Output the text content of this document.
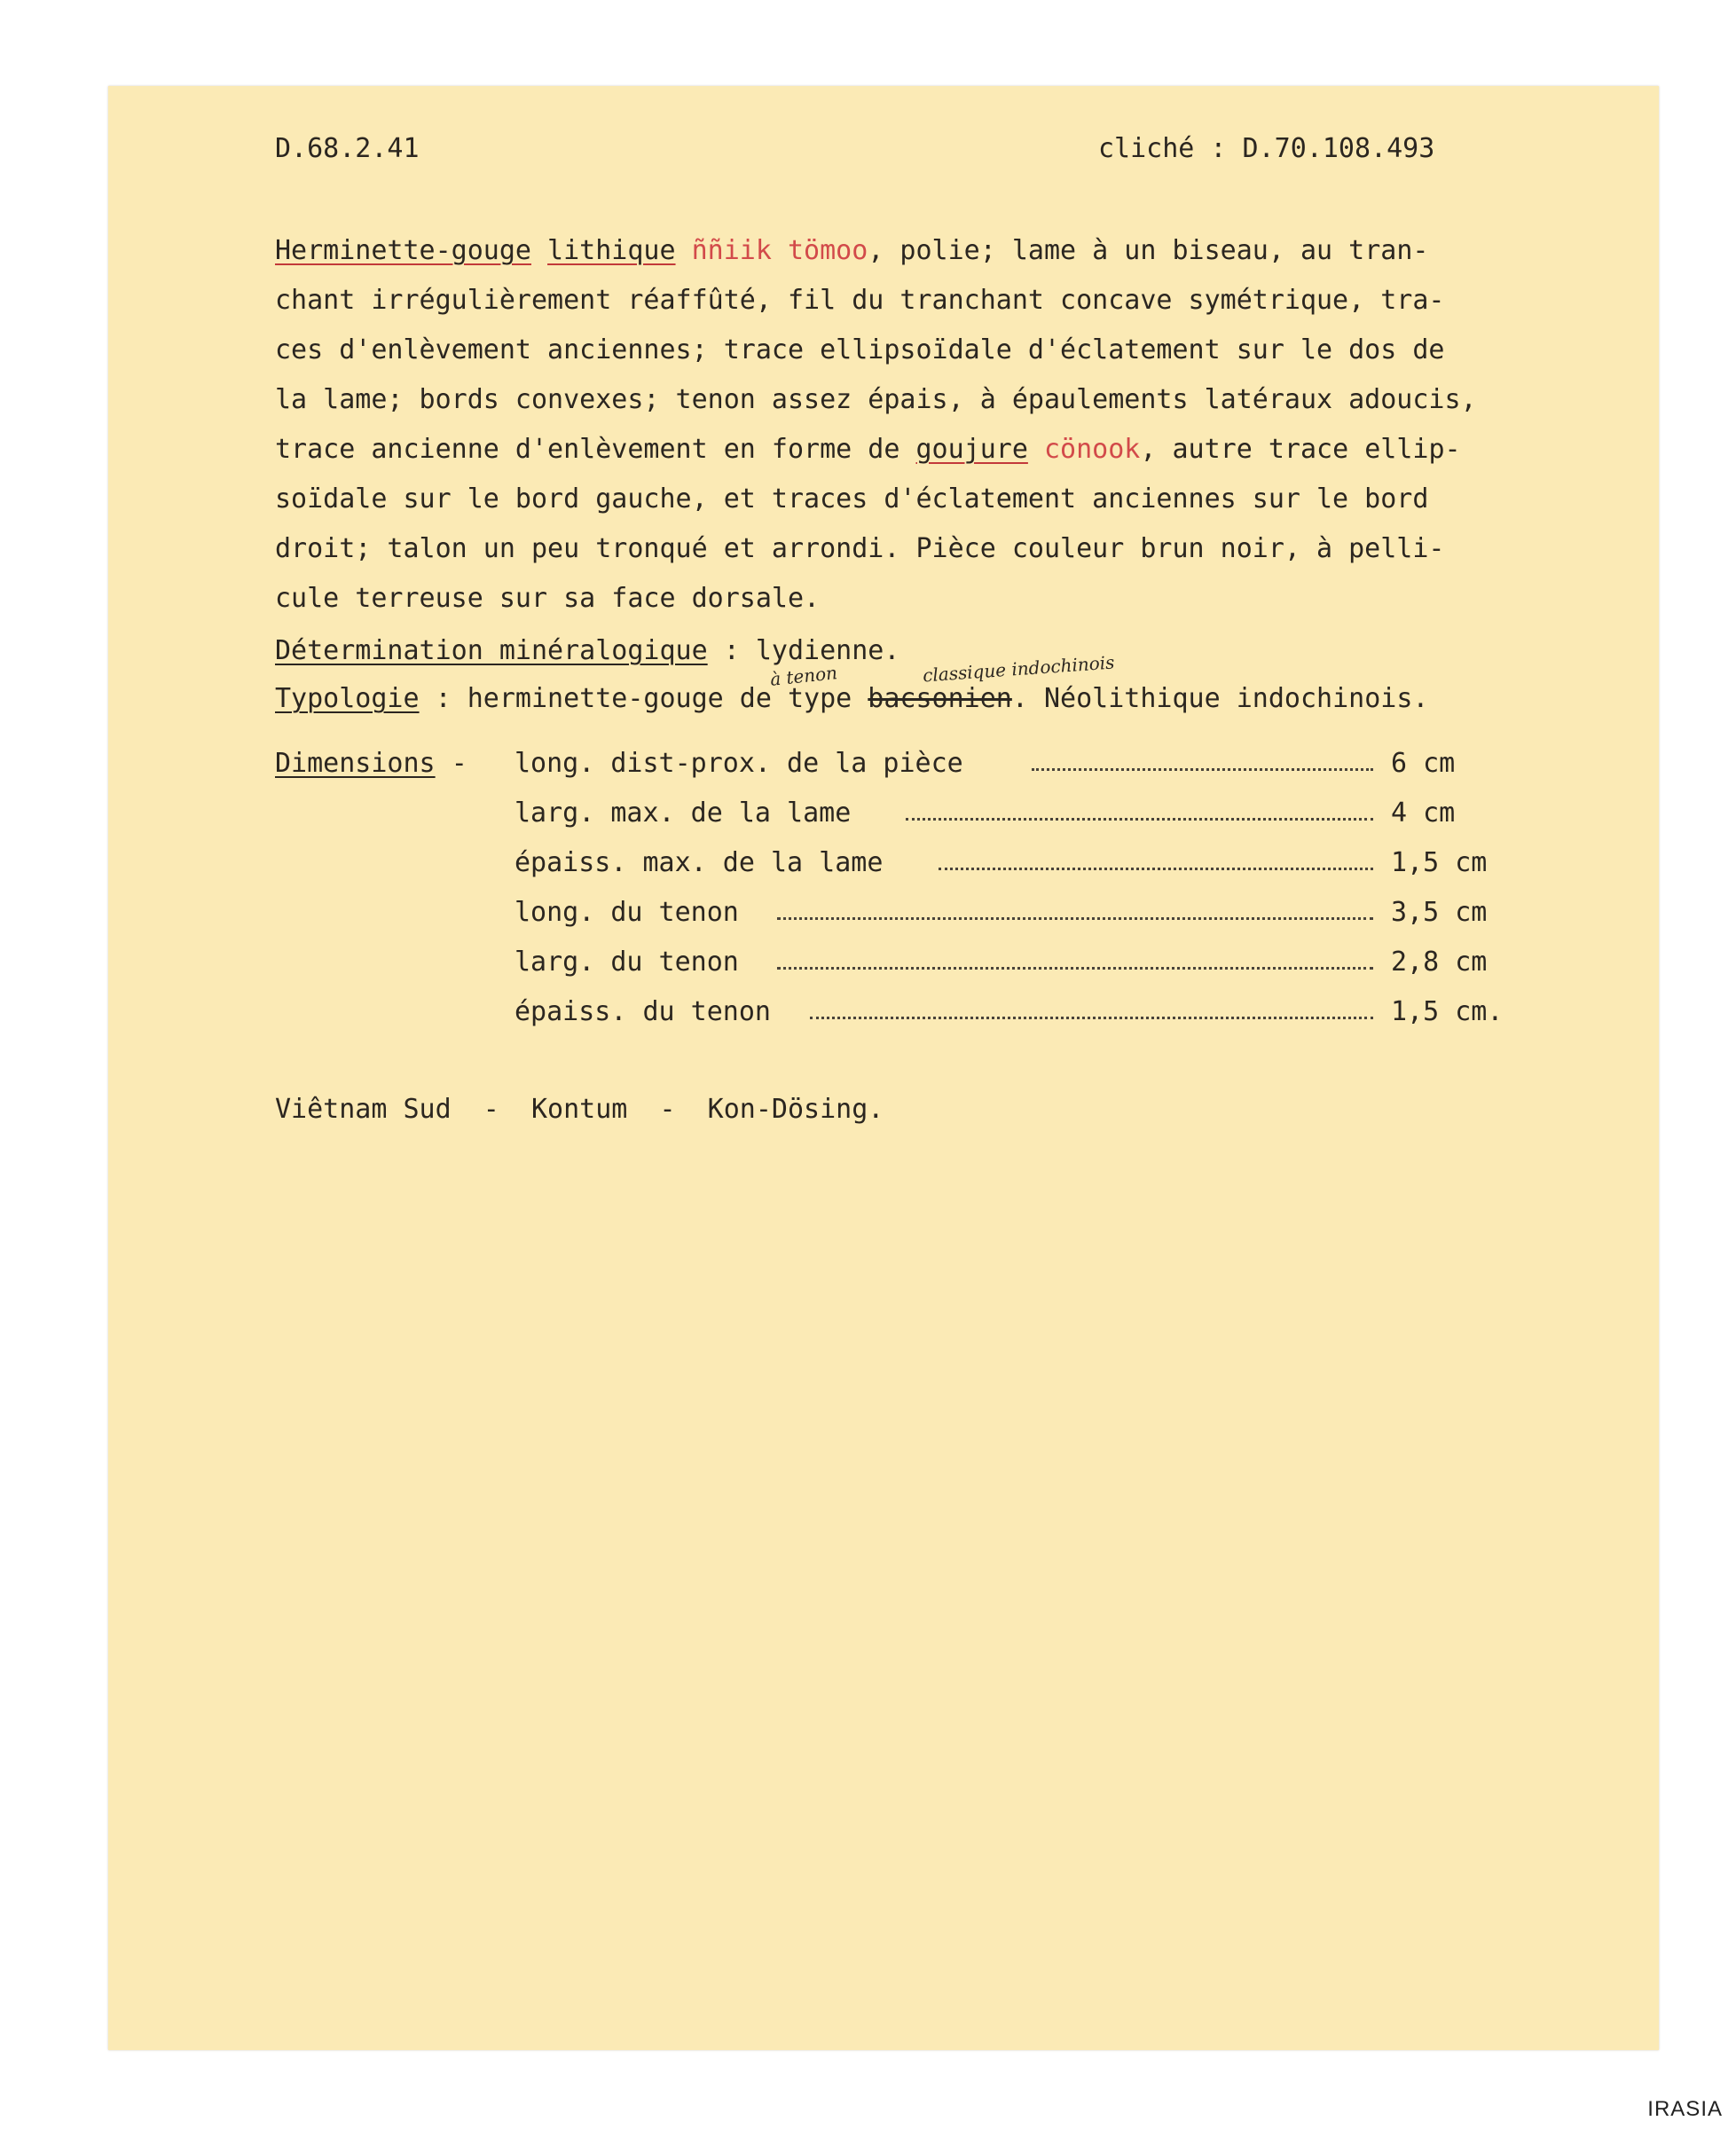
D.68.2.41	cliché : D.70.108.493
Herminette-gouge lithique ññiik tömoo, polie; lame à un biseau, au tran-
chant irrégulièrement réaffûté, fil du tranchant concave symétrique, tra-
ces d'enlèvement anciennes; trace ellipsoïdale d'éclatement sur le dos de
la lame; bords convexes; tenon assez épais, à épaulements latéraux adoucis,
trace ancienne d'enlèvement en forme de goujure cönook, autre trace ellip-
soïdale sur le bord gauche, et traces d'éclatement anciennes sur le bord
droit; talon un peu tronqué et arrondi. Pièce couleur brun noir, à pelli-
cule terreuse sur sa face dorsale.
Détermination minéralogique : lydienne.
à tenon	classique indochinois
Typologie : herminette-gouge de type bacsonien. Néolithique indochinois.
Dimensions - long. dist-prox. de la pièce	6 cm
larg. max. de la lame	4 cm
épaiss. max. de la lame	1,5 cm
long. du tenon	3,5 cm
larg. du tenon	2,8 cm
épaiss. du tenon	1,5 cm.
Viêtnam Sud  -  Kontum  -  Kon-Dösing.
IRASIA
